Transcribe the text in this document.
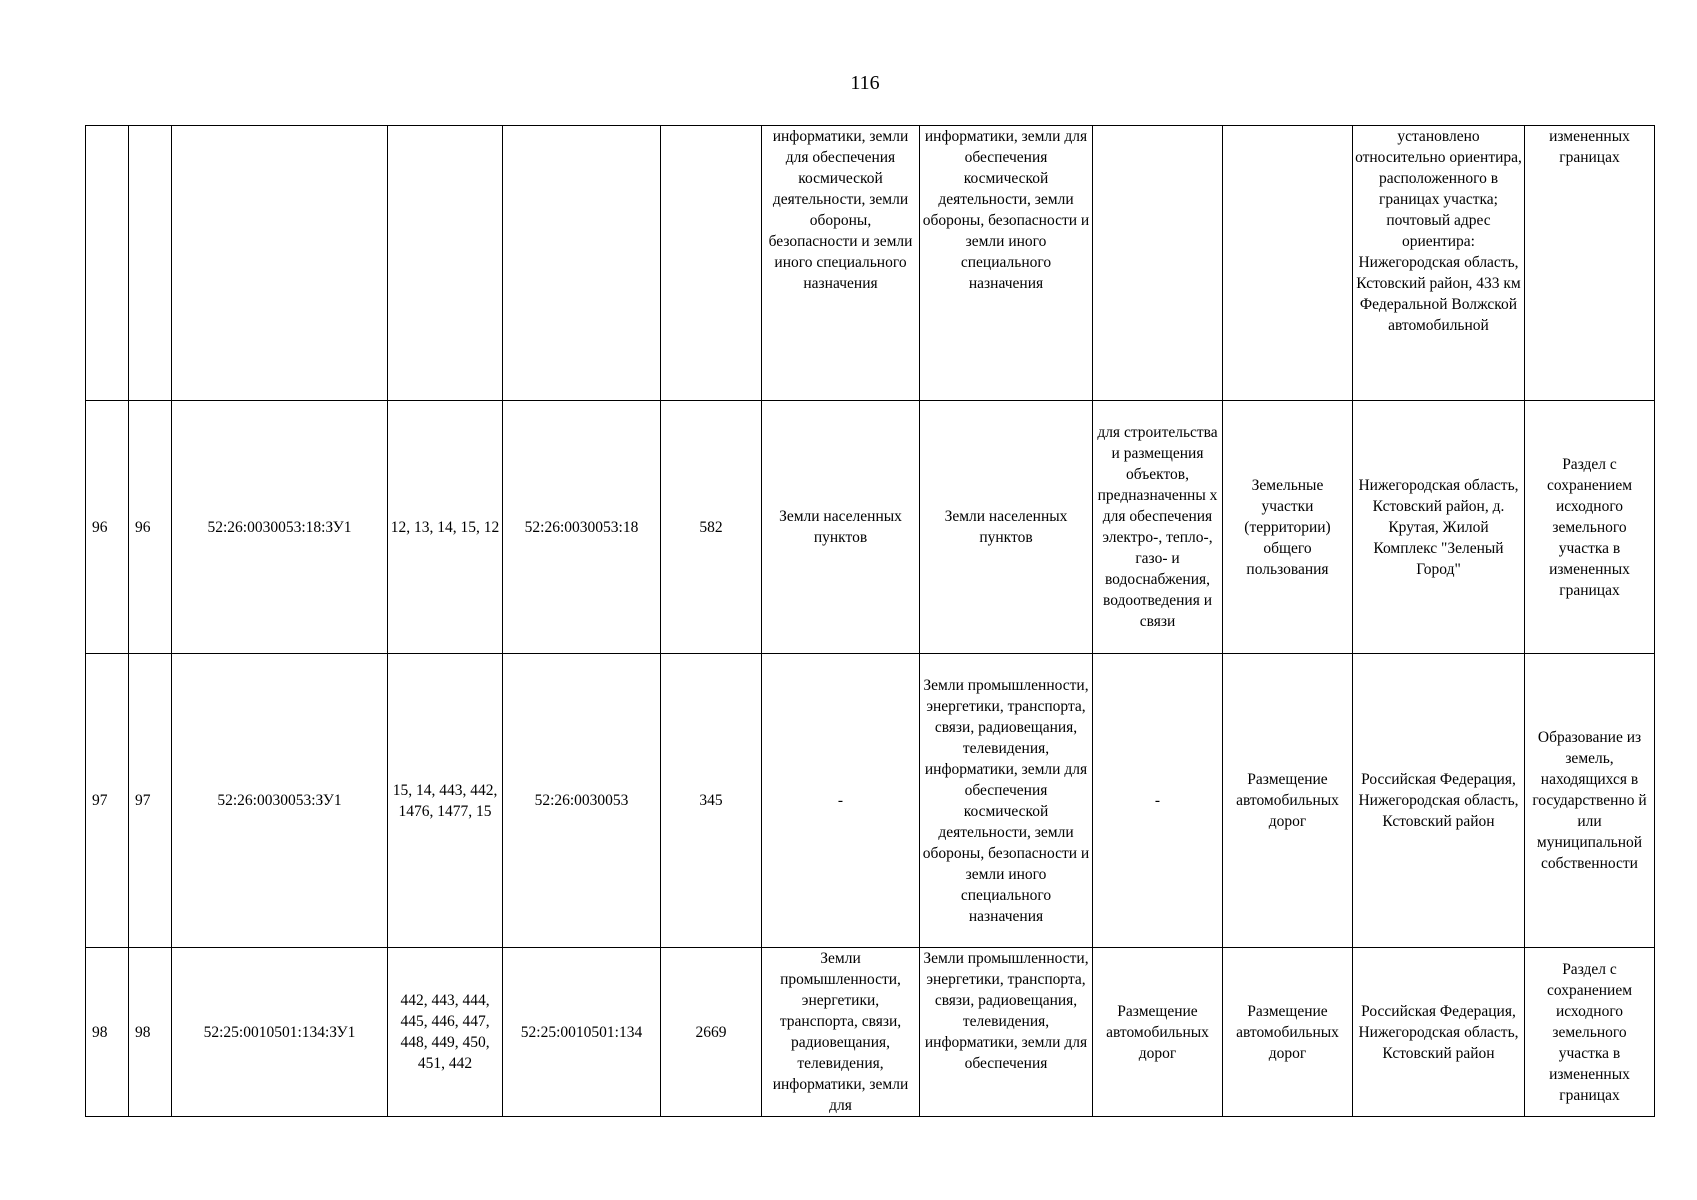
116
						информатики, земли для обеспечения космической деятельности, земли обороны, безопасности и земли иного специального назначения	информатики, земли для обеспечения космической деятельности, земли обороны, безопасности и земли иного специального назначения			установлено относительно ориентира, расположенного в границах участка; почтовый адрес ориентира: Нижегородская область, Кстовский район, 433 км Федеральной Волжской автомобильной	измененных границах
96	96	52:26:0030053:18:ЗУ1	12, 13, 14, 15, 12	52:26:0030053:18	582	Земли населенных пунктов	Земли населенных пунктов	для строительства и размещения объектов, предназначенны х для обеспечения электро-, тепло-, газо- и водоснабжения, водоотведения и связи	Земельные участки (территории) общего пользования	Нижегородская область, Кстовский район, д. Крутая, Жилой Комплекс "Зеленый Город"	Раздел с сохранением исходного земельного участка в измененных границах
97	97	52:26:0030053:ЗУ1	15, 14, 443, 442, 1476, 1477, 15	52:26:0030053	345	-	Земли промышленности, энергетики, транспорта, связи, радиовещания, телевидения, информатики, земли для обеспечения космической деятельности, земли обороны, безопасности и земли иного специального назначения	-	Размещение автомобильных дорог	Российская Федерация, Нижегородская область, Кстовский район	Образование из земель, находящихся в государственно й или муниципальной собственности
98	98	52:25:0010501:134:ЗУ1	442, 443, 444, 445, 446, 447, 448, 449, 450, 451, 442	52:25:0010501:134	2669	Земли промышленности, энергетики, транспорта, связи, радиовещания, телевидения, информатики, земли для	Земли промышленности, энергетики, транспорта, связи, радиовещания, телевидения, информатики, земли для обеспечения	Размещение автомобильных дорог	Размещение автомобильных дорог	Российская Федерация, Нижегородская область, Кстовский район	Раздел с сохранением исходного земельного участка в измененных границах
